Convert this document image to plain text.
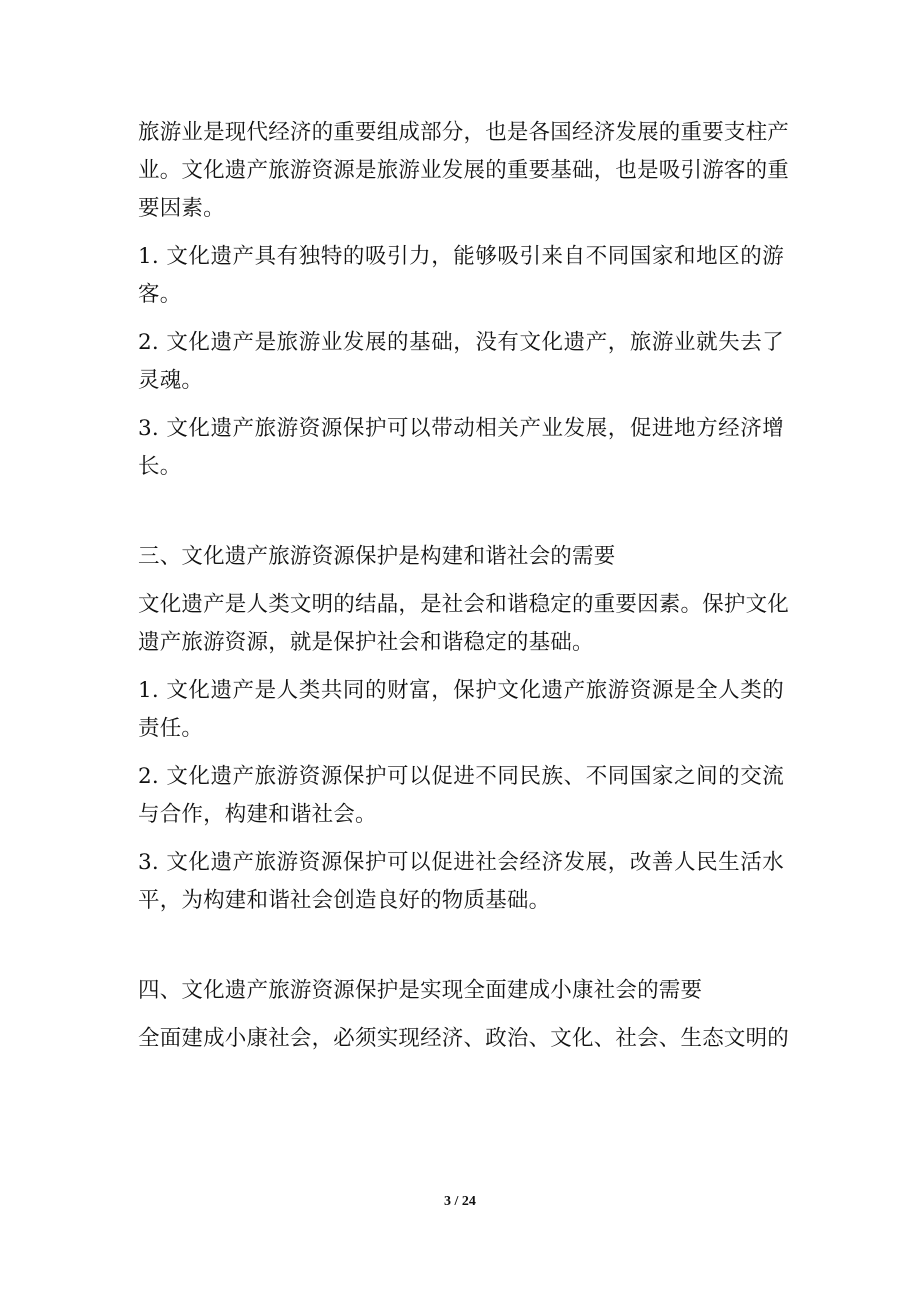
旅游业是现代经济的重要组成部分，也是各国经济发展的重要支柱产
业。文化遗产旅游资源是旅游业发展的重要基础，也是吸引游客的重
要因素。
1. 文化遗产具有独特的吸引力，能够吸引来自不同国家和地区的游
客。
2. 文化遗产是旅游业发展的基础，没有文化遗产，旅游业就失去了
灵魂。
3. 文化遗产旅游资源保护可以带动相关产业发展，促进地方经济增
长。
三、文化遗产旅游资源保护是构建和谐社会的需要
文化遗产是人类文明的结晶，是社会和谐稳定的重要因素。保护文化
遗产旅游资源，就是保护社会和谐稳定的基础。
1. 文化遗产是人类共同的财富，保护文化遗产旅游资源是全人类的
责任。
2. 文化遗产旅游资源保护可以促进不同民族、不同国家之间的交流
与合作，构建和谐社会。
3. 文化遗产旅游资源保护可以促进社会经济发展，改善人民生活水
平，为构建和谐社会创造良好的物质基础。
四、文化遗产旅游资源保护是实现全面建成小康社会的需要
全面建成小康社会，必须实现经济、政治、文化、社会、生态文明的
3 / 24
